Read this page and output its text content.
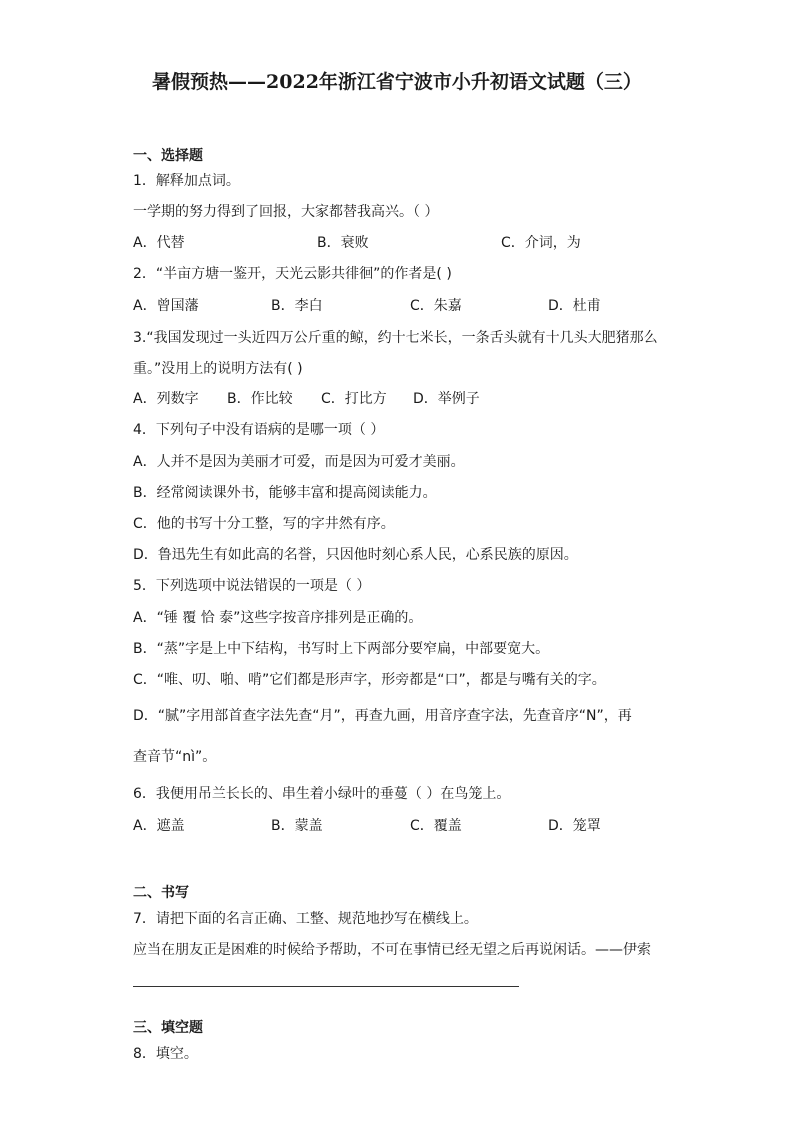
暑假预热——2022年浙江省宁波市小升初语文试题（三）
一、选择题
1．解释加点词。
一学期的努力得到了回报，大家都替我高兴。（ ）
A．代替	B．衰败	C．介词，为
2．“半亩方塘一鉴开，天光云影共徘徊”的作者是( )
A．曾国藩	B．李白	C．朱嘉	D．杜甫
3.“我国发现过一头近四万公斤重的鲸，约十七米长，一条舌头就有十几头大肥猪那么
重。”没用上的说明方法有( )
A．列数字 B．作比较 C．打比方 D．举例子
4．下列句子中没有语病的是哪一项（ ）
A．人并不是因为美丽才可爱，而是因为可爱才美丽。
B．经常阅读课外书，能够丰富和提高阅读能力。
C．他的书写十分工整，写的字井然有序。
D．鲁迅先生有如此高的名誉，只因他时刻心系人民，心系民族的原因。
5．下列选项中说法错误的一项是（ ）
A．“锤 覆 恰 泰”这些字按音序排列是正确的。
B．“蒸”字是上中下结构，书写时上下两部分要窄扁，中部要宽大。
C．“唯、叨、啪、啃”它们都是形声字，形旁都是“口”，都是与嘴有关的字。
D．“腻”字用部首查字法先查“月”，再查九画，用音序查字法，先查音序“N”，再
查音节“nì”。
6．我便用吊兰长长的、串生着小绿叶的垂蔓（ ）在鸟笼上。
A．遮盖	B．蒙盖	C．覆盖	D．笼罩
二、书写
7．请把下面的名言正确、工整、规范地抄写在横线上。
应当在朋友正是困难的时候给予帮助，不可在事情已经无望之后再说闲话。——伊索
三、填空题
8．填空。
